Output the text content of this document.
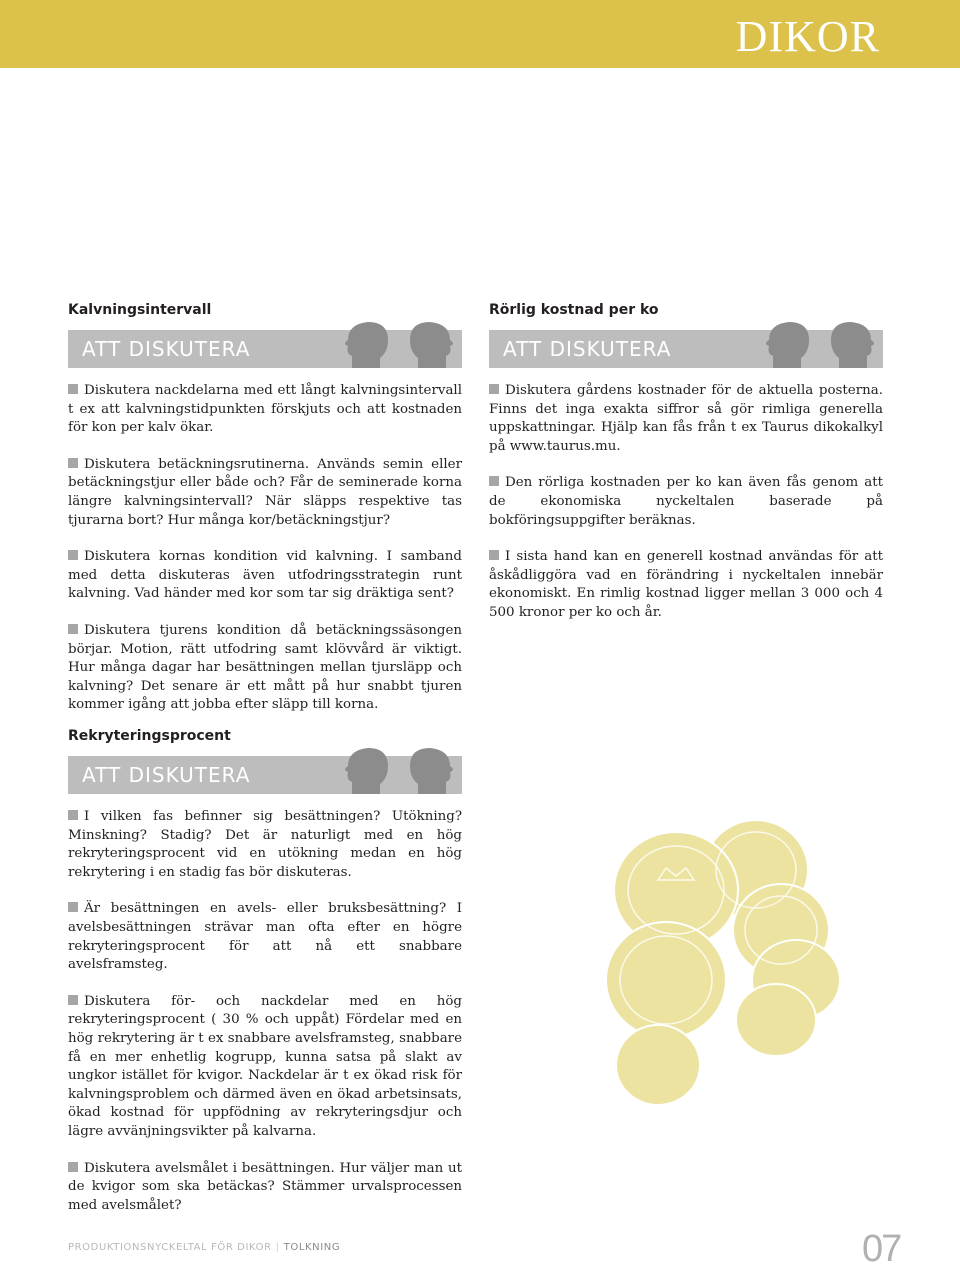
DIKOR
Kalvningsintervall
ATT DISKUTERA

Diskutera nackdelarna med ett långt kalvningsintervall t ex att kalvningstidpunkten förskjuts och att kostnaden för kon per kalv ökar.

Diskutera betäckningsrutinerna. Används semin eller betäckningstjur eller både och? Får de seminerade korna längre kalvningsintervall? När släpps respektive tas tjurarna bort? Hur många kor/betäckningstjur?

Diskutera kornas kondition vid kalvning. I samband med detta diskuteras även utfodringsstrategin runt kalvning. Vad händer med kor som tar sig dräktiga sent?

Diskutera tjurens kondition då betäckningssäsongen börjar. Motion, rätt utfodring samt klövvård är viktigt. Hur många dagar har besättningen mellan tjursläpp och kalvning? Det senare är ett mått på hur snabbt tjuren kommer igång att jobba efter släpp till korna.

Rekryteringsprocent
ATT DISKUTERA

I vilken fas befinner sig besättningen? Utökning? Minskning? Stadig? Det är naturligt med en hög rekryteringsprocent vid en utökning medan en hög rekrytering i en stadig fas bör diskuteras.

Är besättningen en avels- eller bruksbesättning? I avelsbesättningen strävar man ofta efter en högre rekryteringsprocent för att nå ett snabbare avelsframsteg.

Diskutera för- och nackdelar med en hög rekryteringsprocent ( 30 % och uppåt) Fördelar med en hög rekrytering är t ex snabbare avelsframsteg, snabbare få en mer enhetlig kogrupp, kunna satsa på slakt av ungkor istället för kvigor. Nackdelar är t ex ökad risk för kalvningsproblem och därmed även en ökad arbetsinsats, ökad kostnad för uppfödning av rekryteringsdjur och lägre avvänjningsvikter på kalvarna.

Diskutera avelsmålet i besättningen. Hur väljer man ut de kvigor som ska betäckas? Stämmer urvalsprocessen med avelsmålet?

Rörlig kostnad per ko
ATT DISKUTERA

Diskutera gårdens kostnader för de aktuella posterna. Finns det inga exakta siffror så gör rimliga generella uppskattningar. Hjälp kan fås från t ex Taurus dikokalkyl på www.taurus.mu.

Den rörliga kostnaden per ko kan även fås genom att de ekonomiska nyckeltalen baserade på bokföringsuppgifter beräknas.

I sista hand kan en generell kostnad användas för att åskådliggöra vad en förändring i nyckeltalen innebär ekonomiskt. En rimlig kostnad ligger mellan 3 000 och 4 500 kronor per ko och år.

PRODUKTIONSNYCKELTAL FÖR DIKOR | TOLKNING	07
